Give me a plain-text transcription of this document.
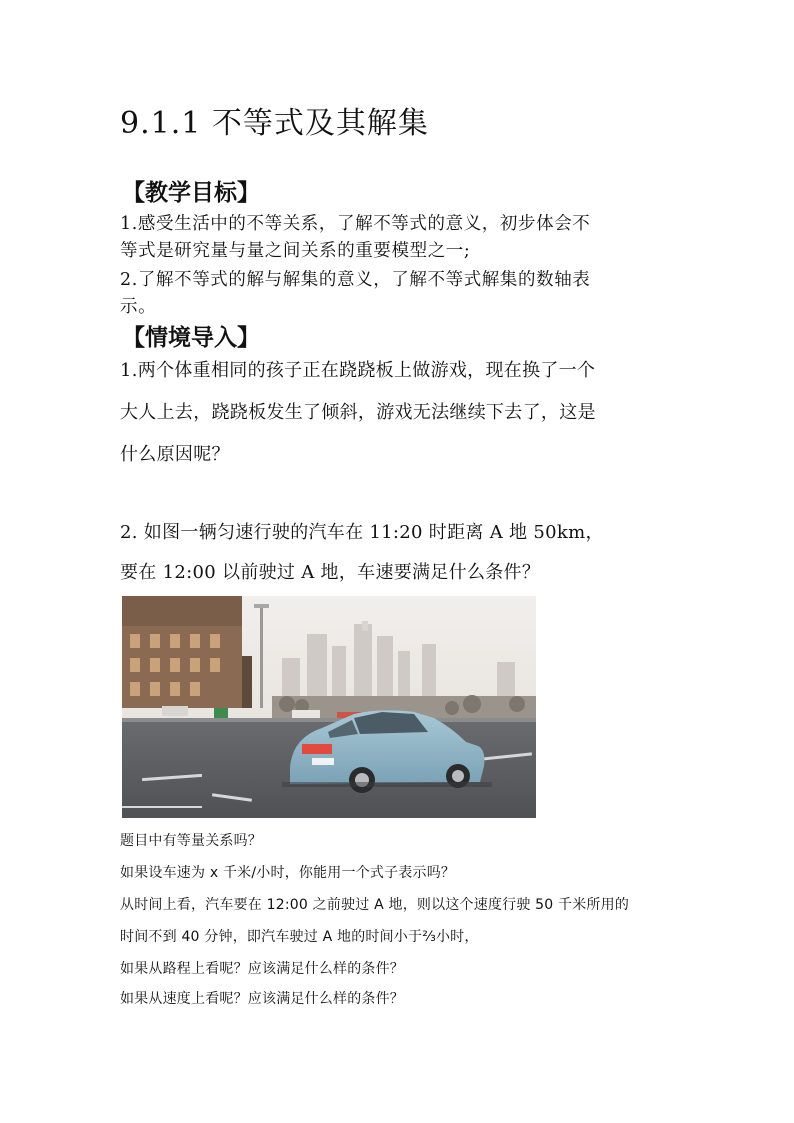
9.1.1 不等式及其解集
【教学目标】
1.感受生活中的不等关系，了解不等式的意义，初步体会不
等式是研究量与量之间关系的重要模型之一;
2.了解不等式的解与解集的意义，了解不等式解集的数轴表
示。
【情境导入】
1.两个体重相同的孩子正在跷跷板上做游戏，现在换了一个
大人上去，跷跷板发生了倾斜，游戏无法继续下去了，这是
什么原因呢？
2. 如图一辆匀速行驶的汽车在 11:20 时距离 A 地 50km，
要在 12:00 以前驶过 A 地，车速要满足什么条件？
题目中有等量关系吗？
如果设车速为 x 千米/小时，你能用一个式子表示吗？
从时间上看，汽车要在 12:00 之前驶过 A 地，则以这个速度行驶 50 千米所用的
时间不到 40 分钟，即汽车驶过 A 地的时间小于⅔小时，
如果从路程上看呢？应该满足什么样的条件？
如果从速度上看呢？应该满足什么样的条件？
